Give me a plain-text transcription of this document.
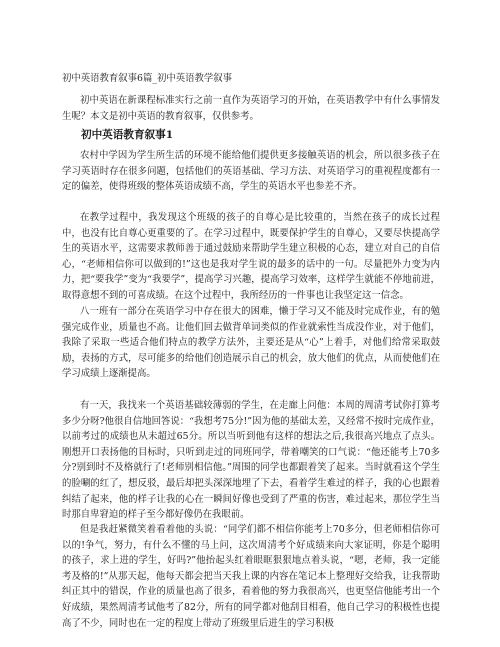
初中英语教育叙事6篇_初中英语教学叙事
初中英语在新课程标准实行之前一直作为英语学习的开始，在英语教学中有什么事情发生呢？本文是初中英语的教育叙事，仅供参考。
初中英语教育叙事1

农村中学因为学生所生活的环境不能给他们提供更多接触英语的机会，所以很多孩子在学习英语时存在很多问题，包括他们的英语基础、学习方法、对英语学习的重视程度都有一定的偏差，使得班级的整体英语成绩不高，学生的英语水平也参差不齐。

在教学过程中，我发现这个班级的孩子的自尊心是比较重的，当然在孩子的成长过程中，也没有比自尊心更重要的了。在学习过程中，既要保护学生的自尊心，又要尽快提高学生的英语水平，这需要求教师善于通过鼓励来帮助学生建立积极的心态，建立对自己的自信心，“老师相信你可以做到的!”这也是我对学生说的最多的话中的一句。尽量把外力变为内力，把“要我学”变为“我要学”，提高学习兴趣，提高学习效率，这样学生就能不停地前进，取得意想不到的可喜成绩。在这个过程中，我所经历的一件事也让我坚定这一信念。

八一班有一部分在英语学习中存在很大的困难，懒于学习又不能及时完成作业，有的勉强完成作业，质量也不高。让他们回去做背单词类似的作业就索性当成没作业，对于他们，我除了采取一些适合他们特点的教学方法外，主要还是从“心”上着手，对他们给常采取鼓励，表扬的方式，尽可能多的给他们创造展示自己的机会，放大他们的优点，从而使他们在学习成绩上逐渐提高。

有一天，我找来一个英语基础较薄弱的学生，在走廊上问他：本周的周清考试你打算考多少分呀?他很自信地回答说：“我想考75分!”因为他的基础太差，又经常不按时完成作业，以前考过的成绩也从未超过65分。所以当听到他有这样的想法之后,我很高兴地点了点头。刚想开口表扬他的目标时，只听到走过的同班同学，带着嘲笑的口气说：“他还能考上70多分?别到时不及格就行了!老师别相信他。”周围的同学也都跟着笑了起来。当时就看这个学生的脸唰的红了，想反驳，最后却把头深深地埋了下去，看着学生难过的样子，我的心也跟着纠结了起来，他的样子让我的心在一瞬间好像也受到了严重的伤害，难过起来，那位学生当时那自卑窘迫的样子至今都好像仍在我眼前。

但是我赶紧微笑着看着他的头说：“同学们都不相信你能考上70多分，但老师相信你可以的!争气，努力，有什么不懂的马上问，这次周清考个好成绩来向大家证明，你是个聪明的孩子，求上进的学生，好吗?”他抬起头红着眼眶狠狠地点着头说，“嗯，老师，我一定能考及格的!”从那天起，他每天都会把当天我上课的内容在笔记本上整理好交给我，让我帮助纠正其中的错误，作业的质量也高了很多，看着他的努力我很高兴，也更坚信他能考出一个好成绩，果然周清考试他考了82分，所有的同学都对他刮目相看，他自己学习的积极性也提高了不少，同时也在一定的程度上带动了班级里后进生的学习积极
